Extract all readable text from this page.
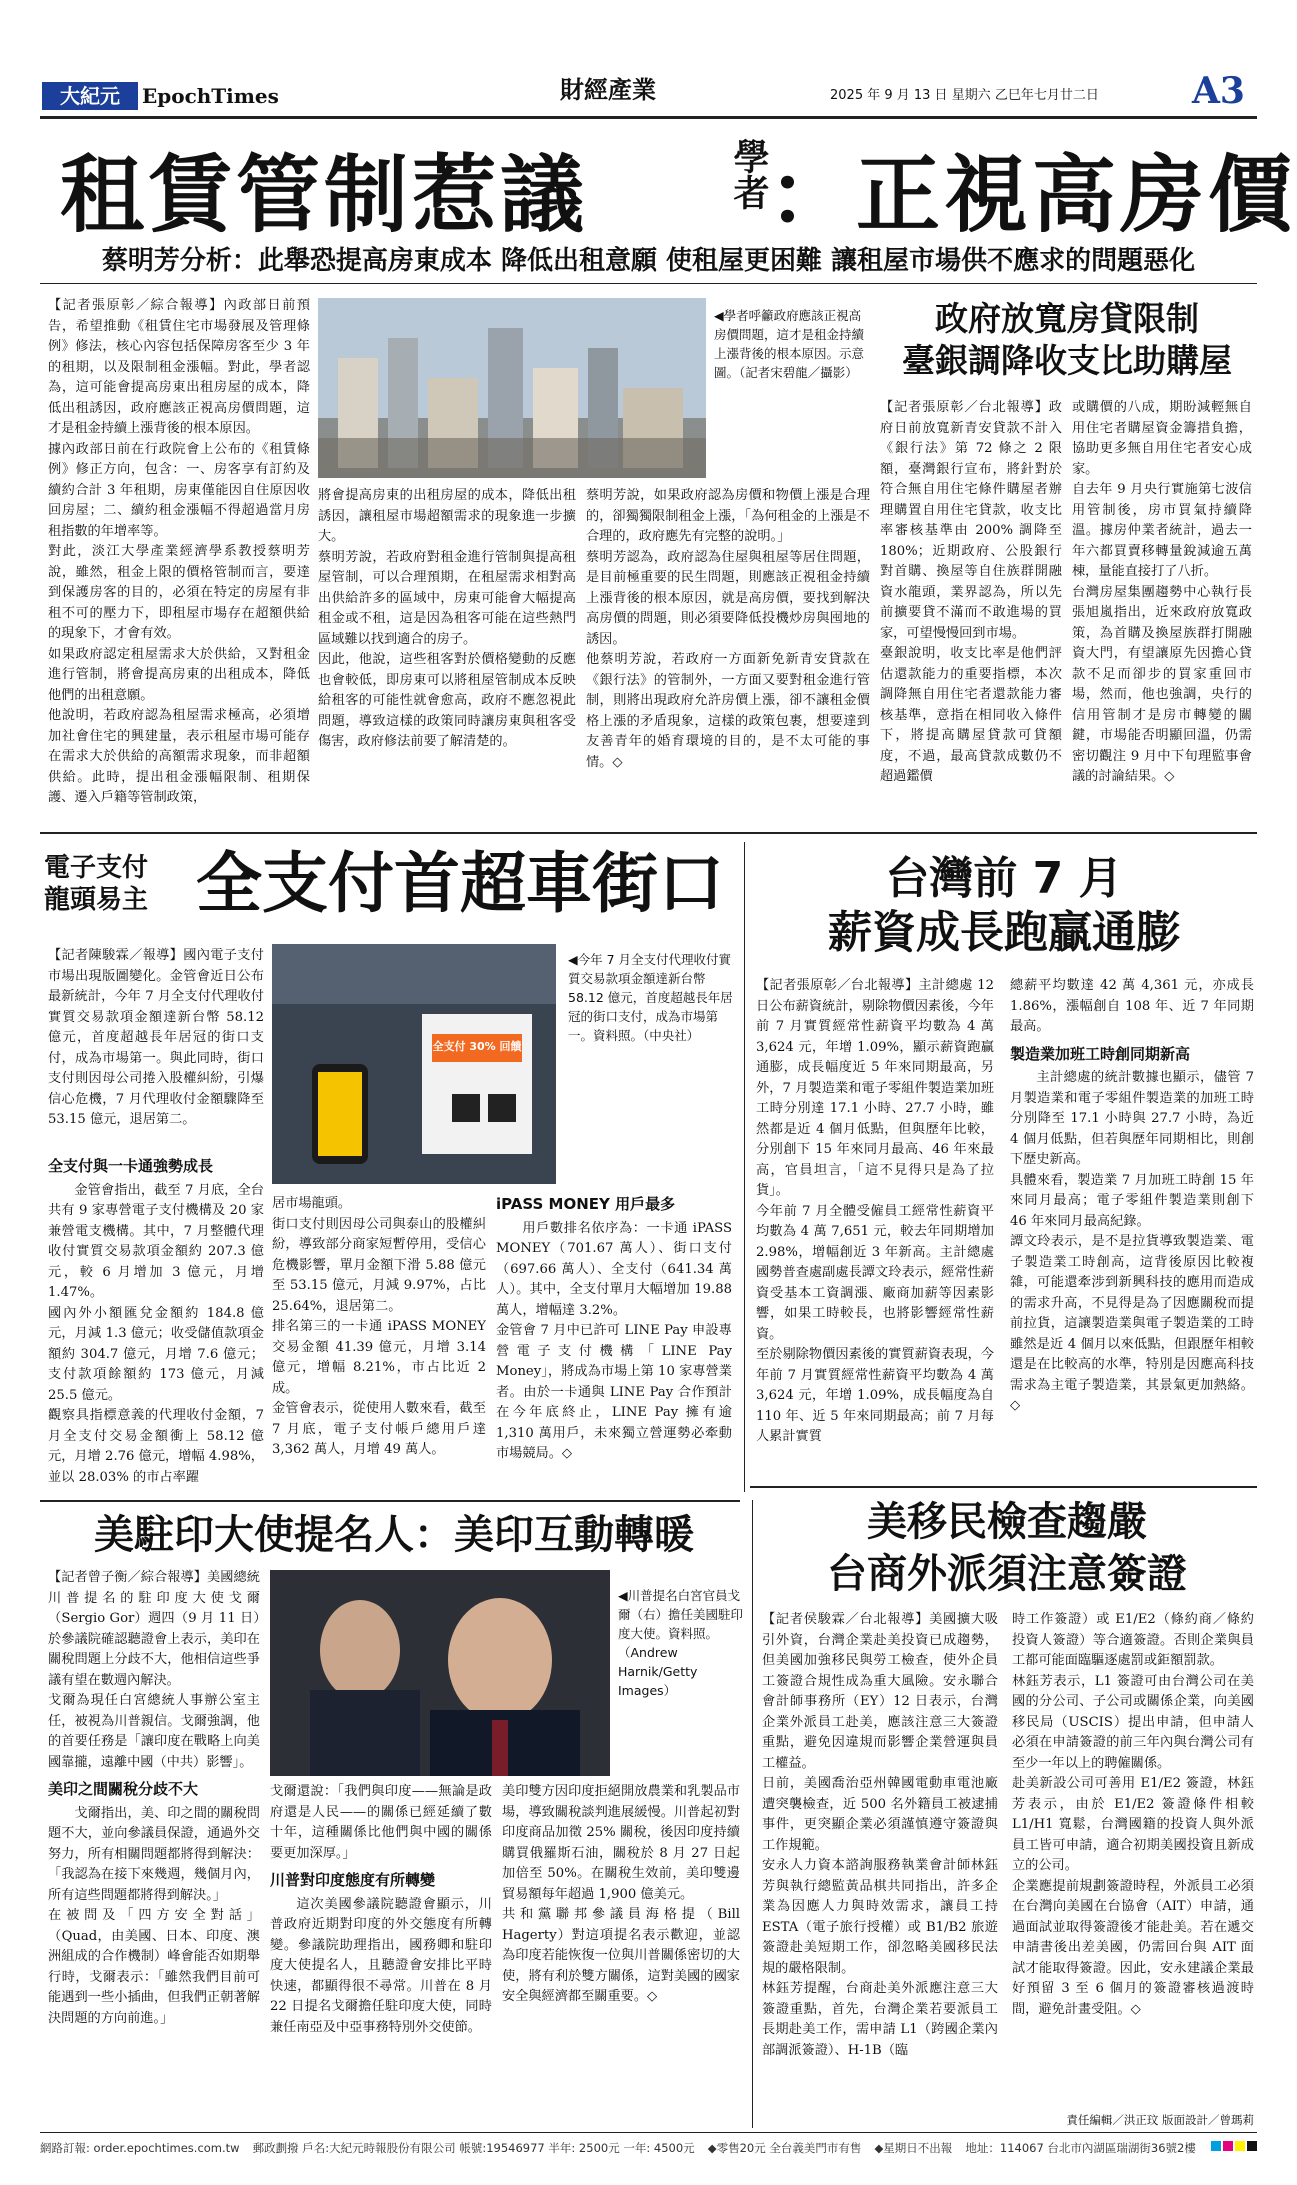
大紀元	EpochTimes	財經產業	2025 年 9 月 13 日 星期六 乙巳年七月廿二日	A3
租賃管制惹議	學者 ：正視高房價
蔡明芳分析：此舉恐提高房東成本 降低出租意願 使租屋更困難 讓租屋市場供不應求的問題惡化

【記者張原彰／綜合報導】內政部日前預告，希望推動《租賃住宅市場發展及管理條例》修法，核心內容包括保障房客至少 3 年的租期，以及限制租金漲幅。對此，學者認為，這可能會提高房東出租房屋的成本，降低出租誘因，政府應該正視高房價問題，這才是租金持續上漲背後的根本原因。
據內政部日前在行政院會上公布的《租賃條例》修正方向，包含：一、房客享有訂約及續約合計 3 年租期，房東僅能因自住原因收回房屋；二、續約租金漲幅不得超過當月房租指數的年增率等。
對此，淡江大學產業經濟學系教授蔡明芳說，雖然，租金上限的價格管制而言，要達到保護房客的目的，必須在特定的房屋有非租不可的壓力下，即租屋市場存在超額供給的現象下，才會有效。
如果政府認定租屋需求大於供給，又對租金進行管制，將會提高房東的出租成本，降低他們的出租意願。
他說明，若政府認為租屋需求極高，必須增加社會住宅的興建量，表示租屋市場可能存在需求大於供給的高額需求現象，而非超額供給。此時，提出租金漲幅限制、租期保護、遷入戶籍等管制政策，

◀學者呼籲政府應該正視高房價問題，這才是租金持續上漲背後的根本原因。示意圖。（記者宋碧龍／攝影）

將會提高房東的出租房屋的成本，降低出租誘因，讓租屋市場超額需求的現象進一步擴大。
蔡明芳說，若政府對租金進行管制與提高租屋管制，可以合理預期，在租屋需求相對高出供給許多的區域中，房東可能會大幅提高租金或不租，這是因為租客可能在這些熱門區域難以找到適合的房子。
因此，他說，這些租客對於價格變動的反應也會較低，即房東可以將租屋管制成本反映給租客的可能性就會愈高，政府不應忽視此問題，導致這樣的政策同時讓房東與租客受傷害，政府修法前要了解清楚的。

蔡明芳說，如果政府認為房價和物價上漲是合理的，卻獨獨限制租金上漲，「為何租金的上漲是不合理的，政府應先有完整的說明。」
蔡明芳認為，政府認為住屋與租屋等居住問題，是目前極重要的民生問題，則應該正視租金持續上漲背後的根本原因，就是高房價，要找到解決高房價的問題，則必須要降低投機炒房與囤地的誘因。
他蔡明芳說，若政府一方面新免新青安貸款在《銀行法》的管制外，一方面又要對租金進行管制，則將出現政府允許房價上漲，卻不讓租金價格上漲的矛盾現象，這樣的政策包裹，想要達到友善青年的婚育環境的目的，是不太可能的事情。◇

政府放寬房貸限制
臺銀調降收支比助購屋

【記者張原彰／台北報導】政府日前放寬新青安貸款不計入《銀行法》第 72 條之 2 限額，臺灣銀行宣布，將針對於符合無自用住宅條件購屋者辦理購置自用住宅貸款，收支比率審核基準由 200% 調降至 180%；近期政府、公股銀行對首購、換屋等自住族群開融資水龍頭，業界認為，所以先前擴要貸不滿而不敢進場的買家，可望慢慢回到市場。
臺銀說明，收支比率是他們評估還款能力的重要指標，本次調降無自用住宅者還款能力審核基準，意指在相同收入條件下，將提高購屋貸款可貸額度，不過，最高貸款成數仍不超過鑑價

或購價的八成，期盼減輕無自用住宅者購屋資金籌措負擔，協助更多無自用住宅者安心成家。
自去年 9 月央行實施第七波信用管制後，房市買氣持續降溫。據房仲業者統計，過去一年六都買賣移轉量銳減逾五萬棟，量能直接打了八折。
台灣房屋集團趨勢中心執行長張旭嵐指出，近來政府放寬政策，為首購及換屋族群打開融資大門，有望讓原先因擔心貸款不足而卻步的買家重回市場，然而，他也強調，央行的信用管制才是房市轉變的關鍵，市場能否明顯回溫，仍需密切觀注 9 月中下旬理監事會議的討論結果。◇

電子支付
龍頭易主 全支付首超車街口

【記者陳駿霖／報導】國內電子支付市場出現版圖變化。金管會近日公布最新統計，今年 7 月全支付代理收付實質交易款項金額達新台幣 58.12 億元，首度超越長年居冠的街口支付，成為市場第一。與此同時，街口支付則因母公司捲入股權糾紛，引爆信心危機，7 月代理收付金額驟降至 53.15 億元，退居第二。

全支付與一卡通強勢成長

金管會指出，截至 7 月底，全台共有 9 家專營電子支付機構及 20 家兼營電支機構。其中，7 月整體代理收付實質交易款項金額約 207.3 億元，較 6 月增加 3 億元，月增 1.47%。
國內外小額匯兌金額約 184.8 億元，月減 1.3 億元；收受儲值款項金額約 304.7 億元，月增 7.6 億元；支付款項餘額約 173 億元，月減 25.5 億元。
觀察具指標意義的代理收付金額，7 月全支付交易金額衝上 58.12 億元，月增 2.76 億元，增幅 4.98%，並以 28.03% 的市占率躍

全支付 30% 回饋
◀今年 7 月全支付代理收付實質交易款項金額達新台幣 58.12 億元，首度超越長年居冠的街口支付，成為市場第一。資料照。（中央社）

居市場龍頭。
街口支付則因母公司與泰山的股權糾紛，導致部分商家短暫停用，受信心危機影響，單月金額下滑 5.88 億元至 53.15 億元，月減 9.97%，占比 25.64%，退居第二。
排名第三的一卡通 iPASS MONEY 交易金額 41.39 億元，月增 3.14 億元，增幅 8.21%，市占比近 2 成。
金管會表示，從使用人數來看，截至 7 月底，電子支付帳戶總用戶達 3,362 萬人，月增 49 萬人。

iPASS MONEY 用戶最多

用戶數排名依序為：一卡通 iPASS MONEY（701.67 萬人）、街口支付（697.66 萬人）、全支付（641.34 萬人）。其中，全支付單月大幅增加 19.88 萬人，增幅達 3.2%。
金管會 7 月中已許可 LINE Pay 申設專營電子支付機構「LINE Pay Money」，將成為市場上第 10 家專營業者。由於一卡通與 LINE Pay 合作預計在今年底終止，LINE Pay 擁有逾 1,310 萬用戶，未來獨立營運勢必牽動市場競局。◇

台灣前 7 月
薪資成長跑贏通膨

【記者張原彰／台北報導】主計總處 12 日公布薪資統計，剔除物價因素後，今年前 7 月實質經常性薪資平均數為 4 萬 3,624 元，年增 1.09%，顯示薪資跑贏通膨，成長幅度近 5 年來同期最高，另外，7 月製造業和電子零組件製造業加班工時分別達 17.1 小時、27.7 小時，雖然都是近 4 個月低點，但與歷年比較，分別創下 15 年來同月最高、46 年來最高，官員坦言，「這不見得只是為了拉貨」。
今年前 7 月全體受僱員工經常性薪資平均數為 4 萬 7,651 元，較去年同期增加 2.98%，增幅創近 3 年新高。主計總處國勢普查處副處長譚文玲表示，經常性薪資受基本工資調漲、廠商加薪等因素影響，如果工時較長，也將影響經常性薪資。
至於剔除物價因素後的實質薪資表現，今年前 7 月實質經常性薪資平均數為 4 萬 3,624 元，年增 1.09%，成長幅度為自 110 年、近 5 年來同期最高；前 7 月每人累計實質

總薪平均數達 42 萬 4,361 元，亦成長 1.86%，漲幅創自 108 年、近 7 年同期最高。

製造業加班工時創同期新高

主計總處的統計數據也顯示，儘管 7 月製造業和電子零組件製造業的加班工時分別降至 17.1 小時與 27.7 小時，為近 4 個月低點，但若與歷年同期相比，則創下歷史新高。
具體來看，製造業 7 月加班工時創 15 年來同月最高；電子零組件製造業則創下 46 年來同月最高紀錄。
譚文玲表示，是不是拉貨導致製造業、電子製造業工時創高，這背後原因比較複雜，可能還牽涉到新興科技的應用而造成的需求升高，不見得是為了因應關稅而提前拉貨，這讓製造業與電子製造業的工時雖然是近 4 個月以來低點，但跟歷年相較還是在比較高的水準，特別是因應高科技需求為主電子製造業，其景氣更加熱絡。◇

美駐印大使提名人：美印互動轉暖

【記者曾子衡／綜合報導】美國總統川普提名的駐印度大使戈爾（Sergio Gor）週四（9 月 11 日）於參議院確認聽證會上表示，美印在關稅問題上分歧不大，他相信這些爭議有望在數週內解決。
戈爾為現任白宮總統人事辦公室主任，被視為川普親信。戈爾強調，他的首要任務是「讓印度在戰略上向美國靠攏，遠離中國（中共）影響」。

美印之間關稅分歧不大

戈爾指出，美、印之間的關稅問題不大，並向參議員保證，通過外交努力，所有相關問題都將得到解決：「我認為在接下來幾週，幾個月內，所有這些問題都將得到解決。」
在被問及「四方安全對話」（Quad，由美國、日本、印度、澳洲組成的合作機制）峰會能否如期舉行時，戈爾表示：「雖然我們目前可能遇到一些小插曲，但我們正朝著解決問題的方向前進。」

◀川普提名白宮官員戈爾（右）擔任美國駐印度大使。資料照。（Andrew Harnik/Getty Images）

戈爾還說：「我們與印度——無論是政府還是人民——的關係已經延續了數十年，這種關係比他們與中國的關係要更加深厚。」

川普對印度態度有所轉變

這次美國參議院聽證會顯示，川普政府近期對印度的外交態度有所轉變。參議院助理指出，國務卿和駐印度大使提名人，且聽證會安排比平時快速，都顯得很不尋常。川普在 8 月 22 日提名戈爾擔任駐印度大使，同時兼任南亞及中亞事務特別外交使節。

美印雙方因印度拒絕開放農業和乳製品市場，導致關稅談判進展緩慢。川普起初對印度商品加徵 25% 關稅，後因印度持續購買俄羅斯石油，關稅於 8 月 27 日起加倍至 50%。在關稅生效前，美印雙邊貿易額每年超過 1,900 億美元。
共和黨聯邦參議員海格提（Bill Hagerty）對這項提名表示歡迎，並認為印度若能恢復一位與川普關係密切的大使，將有利於雙方關係，這對美國的國家安全與經濟都至關重要。◇

美移民檢查趨嚴
台商外派須注意簽證

【記者侯駿霖／台北報導】美國擴大吸引外資，台灣企業赴美投資已成趨勢，但美國加強移民與勞工檢查，使外企員工簽證合規性成為重大風險。安永聯合會計師事務所（EY）12 日表示，台灣企業外派員工赴美，應該注意三大簽證重點，避免因違規而影響企業營運與員工權益。
日前，美國喬治亞州韓國電動車電池廠遭突襲檢查，近 500 名外籍員工被逮捕事件，更突顯企業必須謹慎遵守簽證與工作規範。
安永人力資本諮詢服務執業會計師林鈺芳與執行總監黃品棋共同指出，許多企業為因應人力與時效需求，讓員工持 ESTA（電子旅行授權）或 B1/B2 旅遊簽證赴美短期工作，卻忽略美國移民法規的嚴格限制。
林鈺芳提醒，台商赴美外派應注意三大簽證重點，首先，台灣企業若要派員工長期赴美工作，需申請 L1（跨國企業內部調派簽證）、H-1B（臨

時工作簽證）或 E1/E2（條約商／條約投資人簽證）等合適簽證。否則企業與員工都可能面臨驅逐處罰或鉅額罰款。
林鈺芳表示，L1 簽證可由台灣公司在美國的分公司、子公司或關係企業，向美國移民局（USCIS）提出申請，但申請人必須在申請簽證的前三年內與台灣公司有至少一年以上的聘僱關係。
赴美新設公司可善用 E1/E2 簽證，林鈺芳表示，由於 E1/E2 簽證條件相較 L1/H1 寬鬆，台灣國籍的投資人與外派員工皆可申請，適合初期美國投資且新成立的公司。
企業應提前規劃簽證時程，外派員工必須在台灣向美國在台協會（AIT）申請，通過面試並取得簽證後才能赴美。若在遞交申請書後出差美國，仍需回台與 AIT 面試才能取得簽證。因此，安永建議企業最好預留 3 至 6 個月的簽證審核過渡時間，避免計畫受阻。◇

責任編輯／洪正玟 版面設計／曾瑪莉
網路訂報: order.epochtimes.com.tw 郵政劃撥 戶名:大紀元時報股份有限公司 帳號:19546977 半年: 2500元 一年: 4500元 ◆零售20元 全台義美門市有售 ◆星期日不出報 地址：114067 台北市內湖區瑞湖街36號2樓
